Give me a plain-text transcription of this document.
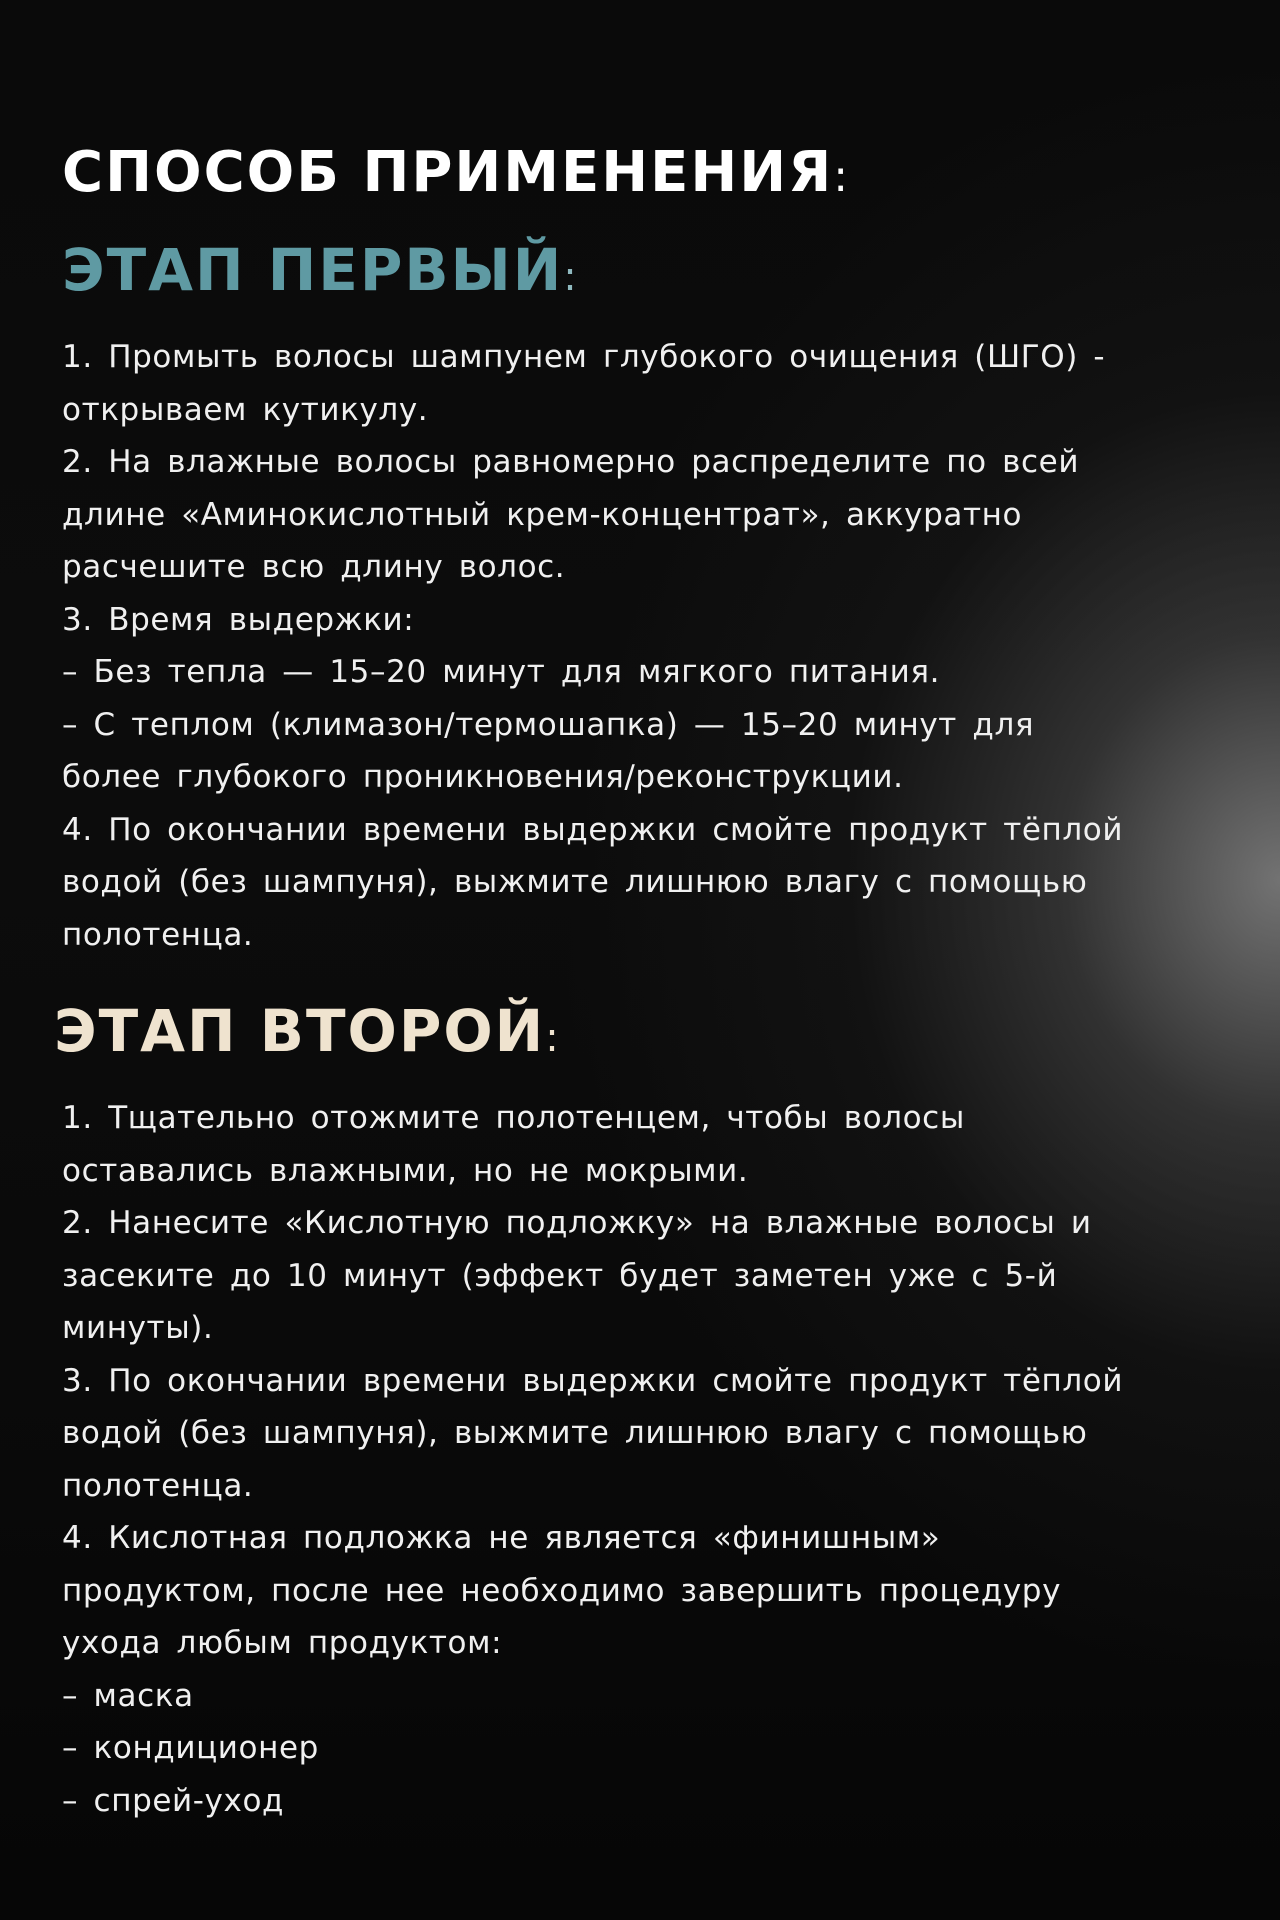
СПОСОБ ПРИМЕНЕНИЯ:
ЭТАП ПЕРВЫЙ:
1. Промыть волосы шампунем глубокого очищения (ШГО) -
открываем кутикулу.
2. На влажные волосы равномерно распределите по всей
длине «Аминокислотный крем-концентрат», аккуратно
расчешите всю длину волос.
3. Время выдержки:
– Без тепла — 15–20 минут для мягкого питания.
– С теплом (климазон/термошапка) — 15–20 минут для
более глубокого проникновения/реконструкции.
4. По окончании времени выдержки смойте продукт тёплой
водой (без шампуня), выжмите лишнюю влагу с помощью
полотенца.
ЭТАП ВТОРОЙ:
1. Тщательно отожмите полотенцем, чтобы волосы
оставались влажными, но не мокрыми.
2. Нанесите «Кислотную подложку» на влажные волосы и
засеките до 10 минут (эффект будет заметен уже с 5-й
минуты).
3. По окончании времени выдержки смойте продукт тёплой
водой (без шампуня), выжмите лишнюю влагу с помощью
полотенца.
4. Кислотная подложка не является «финишным»
продуктом, после нее необходимо завершить процедуру
ухода любым продуктом:
– маска
– кондиционер
– спрей-уход
